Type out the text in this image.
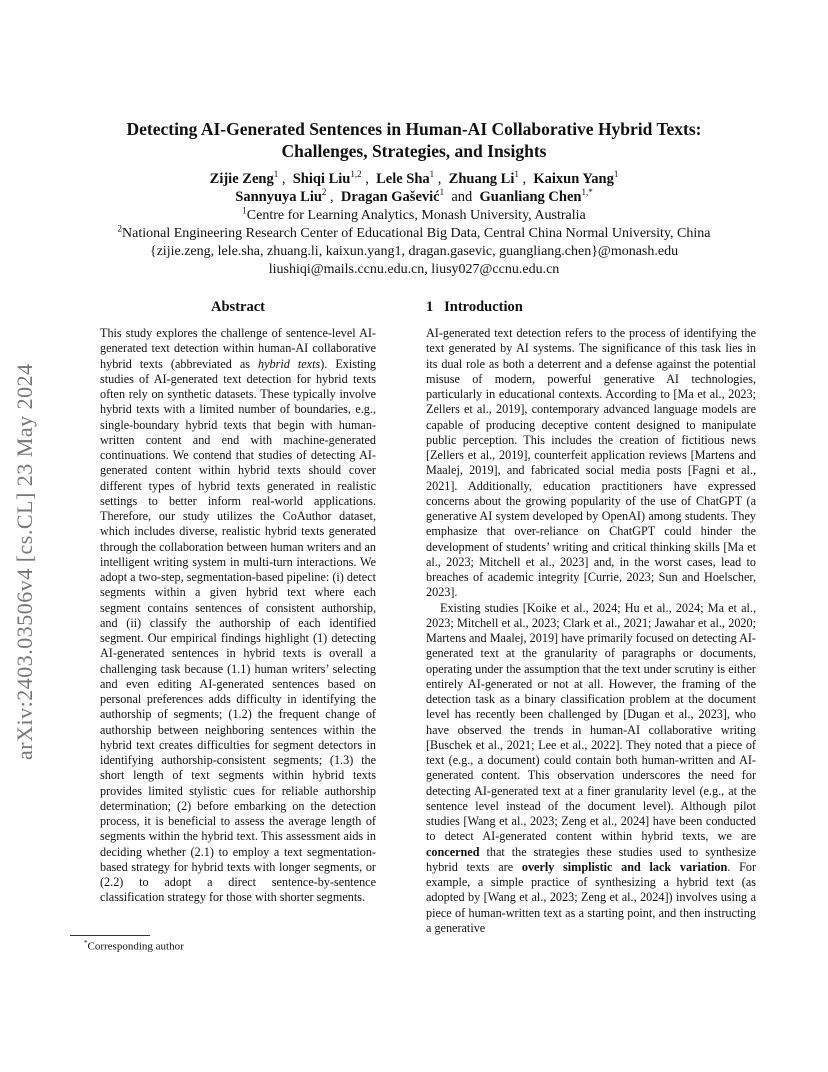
Detecting AI-Generated Sentences in Human-AI Collaborative Hybrid Texts:
Challenges, Strategies, and Insights
Zijie Zeng$^1$ ,  Shiqi Liu$^{1,2}$ ,  Lele Sha$^1$ ,  Zhuang Li$^1$ ,  Kaixun Yang$^1$
Sannyuya Liu$^2$ ,  Dragan Gašević$^1$ and Guanliang Chen$^{1,*}$
$^1$Centre for Learning Analytics, Monash University, Australia
$^2$National Engineering Research Center of Educational Big Data, Central China Normal University, China
{zijie.zeng, lele.sha, zhuang.li, kaixun.yang1, dragan.gasevic, guangliang.chen}@monash.edu
liushiqi@mails.ccnu.edu.cn, liusy027@ccnu.edu.cn
arXiv:2403.03506v4 [cs.CL] 23 May 2024
Abstract

This study explores the challenge of sentence-level AI-generated text detection within human-AI collaborative hybrid texts (abbreviated as hybrid texts). Existing studies of AI-generated text detection for hybrid texts often rely on synthetic datasets. These typically involve hybrid texts with a limited number of boundaries, e.g., single-boundary hybrid texts that begin with human-written content and end with machine-generated continuations. We contend that studies of detecting AI-generated content within hybrid texts should cover different types of hybrid texts generated in realistic settings to better inform real-world applications. Therefore, our study utilizes the CoAuthor dataset, which includes diverse, realistic hybrid texts generated through the collaboration between human writers and an intelligent writing system in multi-turn interactions. We adopt a two-step, segmentation-based pipeline: (i) detect segments within a given hybrid text where each segment contains sentences of consistent authorship, and (ii) classify the authorship of each identified segment. Our empirical findings highlight (1) detecting AI-generated sentences in hybrid texts is overall a challenging task because (1.1) human writers’ selecting and even editing AI-generated sentences based on personal preferences adds difficulty in identifying the authorship of segments; (1.2) the frequent change of authorship between neighboring sentences within the hybrid text creates difficulties for segment detectors in identifying authorship-consistent segments; (1.3) the short length of text segments within hybrid texts provides limited stylistic cues for reliable authorship determination; (2) before embarking on the detection process, it is beneficial to assess the average length of segments within the hybrid text. This assessment aids in deciding whether (2.1) to employ a text segmentation-based strategy for hybrid texts with longer segments, or (2.2) to adopt a direct sentence-by-sentence classification strategy for those with shorter segments.

1 Introduction

AI-generated text detection refers to the process of identifying the text generated by AI systems. The significance of this task lies in its dual role as both a deterrent and a defense against the potential misuse of modern, powerful generative AI technologies, particularly in educational contexts. According to [Ma et al., 2023; Zellers et al., 2019], contemporary advanced language models are capable of producing deceptive content designed to manipulate public perception. This includes the creation of fictitious news [Zellers et al., 2019], counterfeit application reviews [Martens and Maalej, 2019], and fabricated social media posts [Fagni et al., 2021]. Additionally, education practitioners have expressed concerns about the growing popularity of the use of ChatGPT (a generative AI system developed by OpenAI) among students. They emphasize that over-reliance on ChatGPT could hinder the development of students’ writing and critical thinking skills [Ma et al., 2023; Mitchell et al., 2023] and, in the worst cases, lead to breaches of academic integrity [Currie, 2023; Sun and Hoelscher, 2023].

Existing studies [Koike et al., 2024; Hu et al., 2024; Ma et al., 2023; Mitchell et al., 2023; Clark et al., 2021; Jawahar et al., 2020; Martens and Maalej, 2019] have primarily focused on detecting AI-generated text at the granularity of paragraphs or documents, operating under the assumption that the text under scrutiny is either entirely AI-generated or not at all. However, the framing of the detection task as a binary classification problem at the document level has recently been challenged by [Dugan et al., 2023], who have observed the trends in human-AI collaborative writing [Buschek et al., 2021; Lee et al., 2022]. They noted that a piece of text (e.g., a document) could contain both human-written and AI-generated content. This observation underscores the need for detecting AI-generated text at a finer granularity level (e.g., at the sentence level instead of the document level). Although pilot studies [Wang et al., 2023; Zeng et al., 2024] have been conducted to detect AI-generated content within hybrid texts, we are concerned that the strategies these studies used to synthesize hybrid texts are overly simplistic and lack variation. For example, a simple practice of synthesizing a hybrid text (as adopted by [Wang et al., 2023; Zeng et al., 2024]) involves using a piece of human-written text as a starting point, and then instructing a generative

*Corresponding author
